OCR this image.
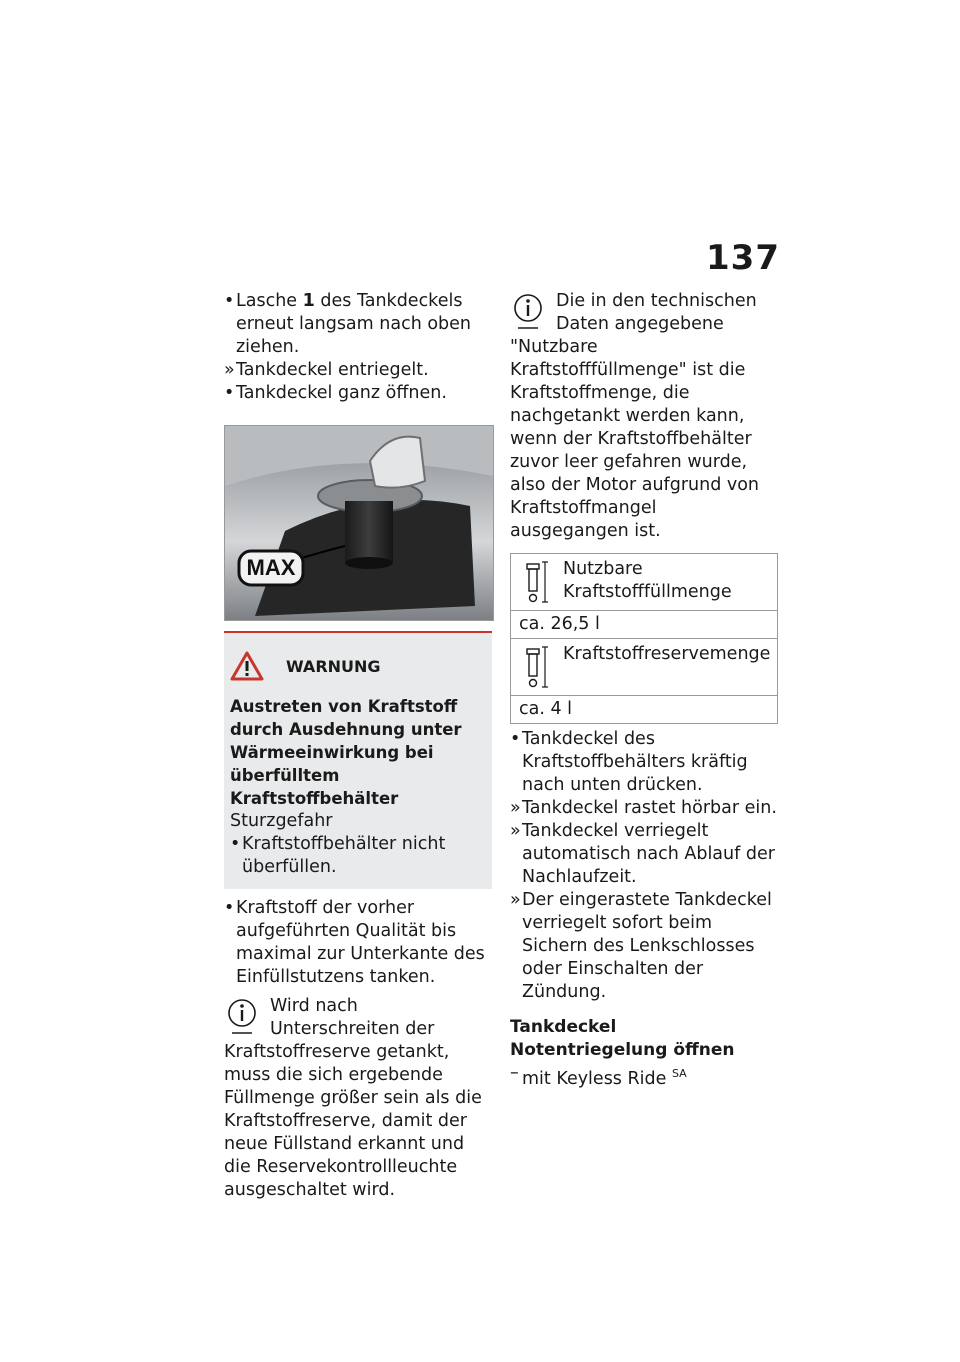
137

• Lasche 1 des Tankdeckels erneut langsam nach oben ziehen.

» Tankdeckel entriegelt.

• Tankdeckel ganz öffnen.

MAX
WARNUNG
Austreten von Kraftstoff durch Ausdehnung unter Wärmeeinwirkung bei überfülltem Kraftstoffbehälter
Sturzgefahr

• Kraftstoffbehälter nicht überfüllen.

• Kraftstoff der vorher aufgeführten Qualität bis maximal zur Unterkante des Einfüllstutzens tanken.

Wird nach Unterschreiten der Kraftstoffreserve getankt, muss die sich ergebende Füllmenge größer sein als die Kraftstoffreserve, damit der neue Füllstand erkannt und die Reservekontrollleuchte ausgeschaltet wird.
Die in den technischen Daten angegebene "Nutzbare Kraftstofffüllmenge" ist die Kraftstoffmenge, die nachgetankt werden kann, wenn der Kraftstoffbehälter zuvor leer gefahren wurde, also der Motor aufgrund von Kraftstoffmangel ausgegangen ist.
Nutzbare Kraftstofffüllmenge
ca. 26,5 l
Kraftstoffreservemenge
ca. 4 l

• Tankdeckel des Kraftstoffbehälters kräftig nach unten drücken.

» Tankdeckel rastet hörbar ein.

» Tankdeckel verriegelt automatisch nach Ablauf der Nachlaufzeit.

» Der eingerastete Tankdeckel verriegelt sofort beim Sichern des Lenkschlosses oder Einschalten der Zündung.

Tankdeckel Notentriegelung öffnen

– mit Keyless Ride $^{SA}$
